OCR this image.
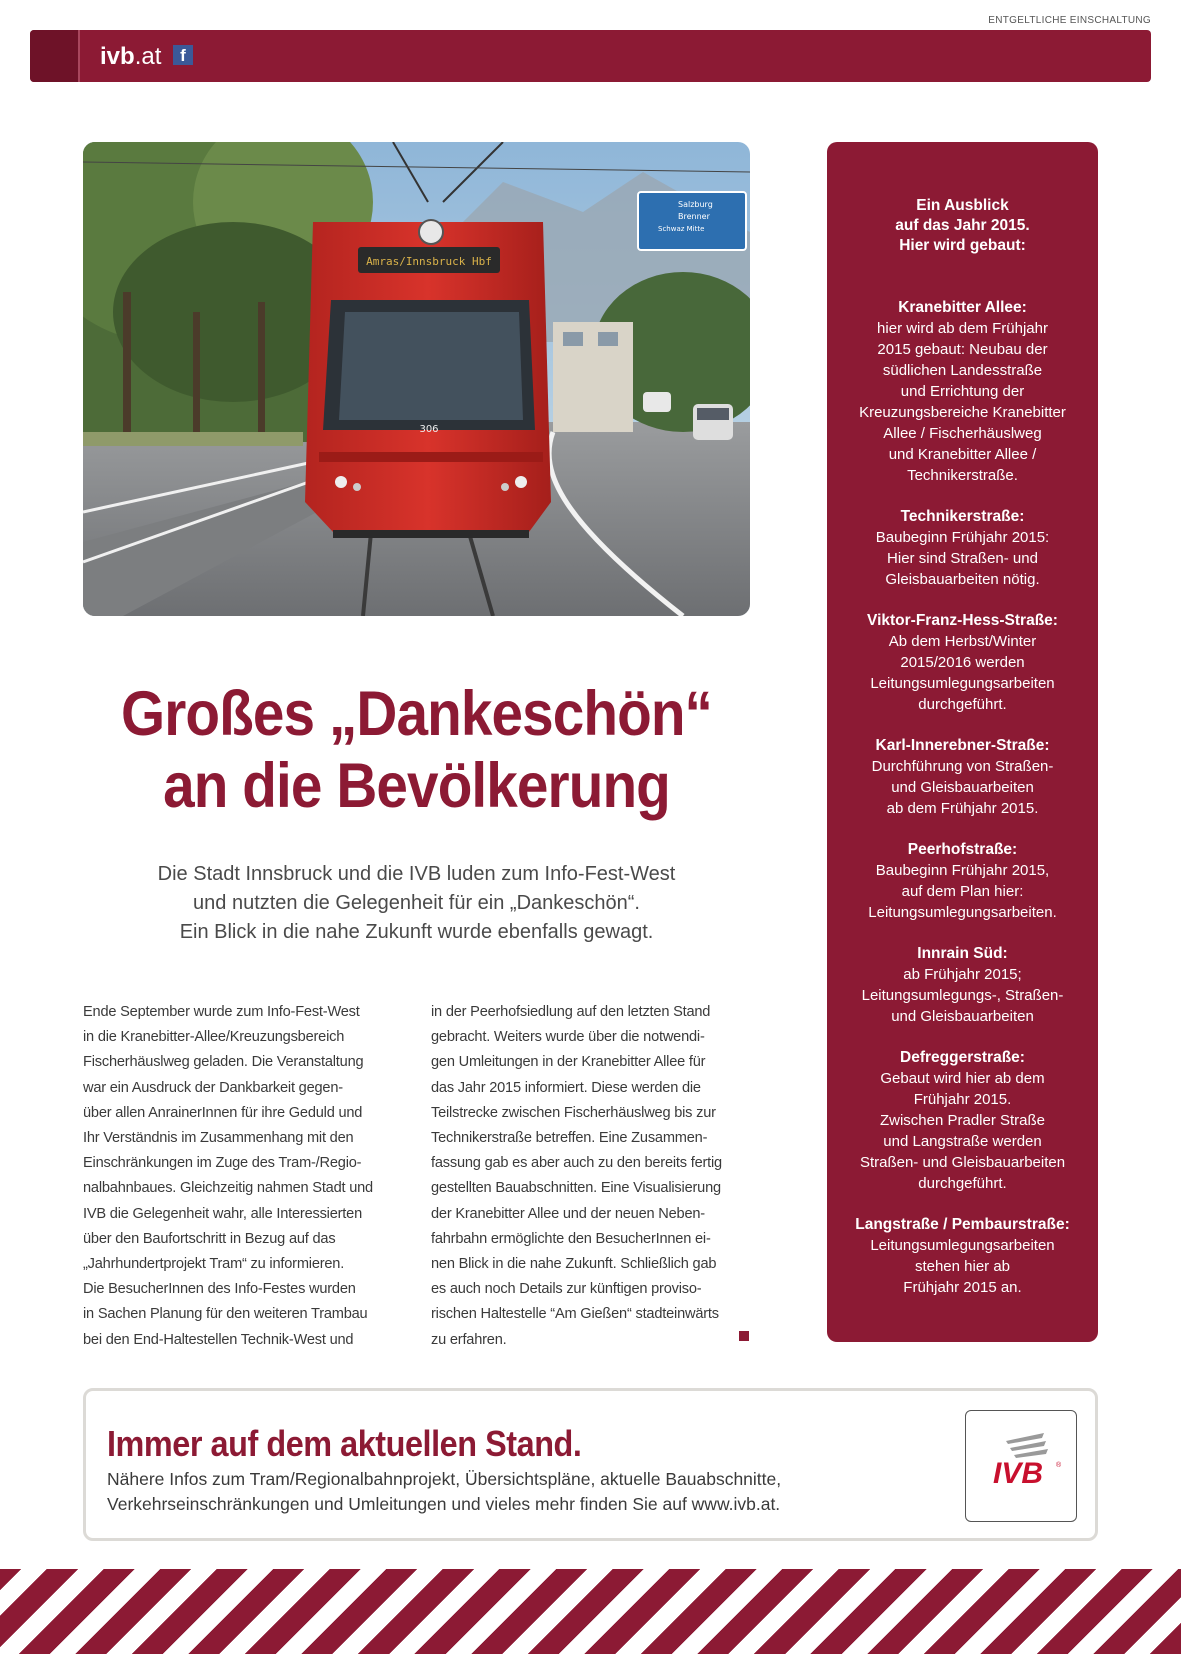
ENTGELTLICHE EINSCHALTUNG
ivb.at	f
Salzburg
Brenner
Schwaz Mitte
Amras/Innsbruck Hbf
306
Ein Ausblick
auf das Jahr 2015.
Hier wird gebaut:
Kranebitter Allee:

hier wird ab dem Frühjahr
2015 gebaut: Neubau der
südlichen Landesstraße
und Errichtung der
Kreuzungsbereiche Kranebitter
Allee / Fischerhäuslweg
und Kranebitter Allee /
Technikerstraße.

Technikerstraße:

Baubeginn Frühjahr 2015:
Hier sind Straßen- und
Gleisbauarbeiten nötig.

Viktor-Franz-Hess-Straße:

Ab dem Herbst/Winter
2015/2016 werden
Leitungsumlegungsarbeiten
durchgeführt.

Karl-Innerebner-Straße:

Durchführung von Straßen-
und Gleisbauarbeiten
ab dem Frühjahr 2015.

Peerhofstraße:

Baubeginn Frühjahr 2015,
auf dem Plan hier:
Leitungsumlegungsarbeiten.

Innrain Süd:

ab Frühjahr 2015;
Leitungsumlegungs-, Straßen-
und Gleisbauarbeiten

Defreggerstraße:

Gebaut wird hier ab dem
Frühjahr 2015.
Zwischen Pradler Straße
und Langstraße werden
Straßen- und Gleisbauarbeiten
durchgeführt.

Langstraße / Pembaurstraße:

Leitungsumlegungsarbeiten
stehen hier ab
Frühjahr 2015 an.

Großes „Dankeschön“
an die Bevölkerung
Die Stadt Innsbruck und die IVB luden zum Info-Fest-West
und nutzten die Gelegenheit für ein „Dankeschön“.
Ein Blick in die nahe Zukunft wurde ebenfalls gewagt.
Ende September wurde zum Info-Fest-West
in die Kranebitter-Allee/Kreuzungsbereich
Fischerhäuslweg geladen. Die Veranstaltung
war ein Ausdruck der Dankbarkeit gegen-
über allen AnrainerInnen für ihre Geduld und
Ihr Verständnis im Zusammenhang mit den
Einschränkungen im Zuge des Tram-/Regio-
nalbahnbaues. Gleichzeitig nahmen Stadt und
IVB die Gelegenheit wahr, alle Interessierten
über den Baufortschritt in Bezug auf das
„Jahrhundertprojekt Tram“ zu informieren.
Die BesucherInnen des Info-Festes wurden
in Sachen Planung für den weiteren Trambau
bei den End-Haltestellen Technik-West und
in der Peerhofsiedlung auf den letzten Stand
gebracht. Weiters wurde über die notwendi-
gen Umleitungen in der Kranebitter Allee für
das Jahr 2015 informiert. Diese werden die
Teilstrecke zwischen Fischerhäuslweg bis zur
Technikerstraße betreffen. Eine Zusammen-
fassung gab es aber auch zu den bereits fertig
gestellten Bauabschnitten. Eine Visualisierung
der Kranebitter Allee und der neuen Neben-
fahrbahn ermöglichte den BesucherInnen ei-
nen Blick in die nahe Zukunft. Schließlich gab
es auch noch Details zur künftigen proviso-
rischen Haltestelle “Am Gießen“ stadteinwärts
zu erfahren.
Immer auf dem aktuellen Stand.
Nähere Infos zum Tram/Regionalbahnprojekt, Übersichtspläne, aktuelle Bauabschnitte,
Verkehrseinschränkungen und Umleitungen und vieles mehr finden Sie auf www.ivb.at.
IVB ®
